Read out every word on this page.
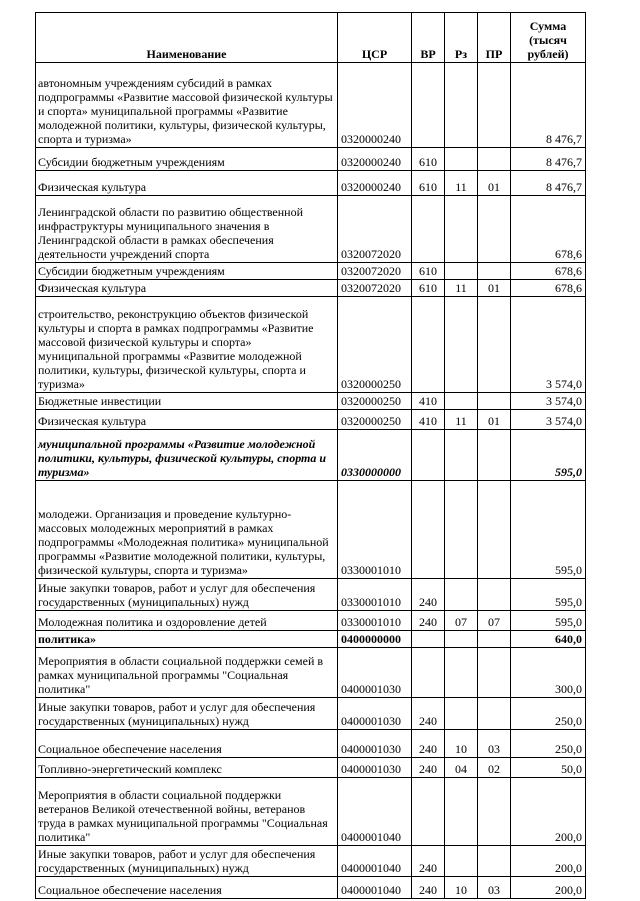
Наименование	ЦСР	ВР	Рз	ПР	Сумма
(тысяч
рублей)

автономным учреждениям субсидий в рамках подпрограммы «Развитие массовой физической культуры и спорта» муниципальной программы «Развитие молодежной политики, культуры, физической культуры, спорта и туризма»	0320000240				8 476,7
Субсидии бюджетным учреждениям	0320000240	610			8 476,7
Физическая культура	0320000240	610	11	01	8 476,7
Ленинградской области по развитию общественной инфраструктуры муниципального значения в Ленинградской области в рамках обеспечения деятельности учреждений спорта	0320072020				678,6
Субсидии бюджетным учреждениям	0320072020	610			678,6
Физическая культура	0320072020	610	11	01	678,6
строительство, реконструкцию объектов физической культуры и спорта в рамках подпрограммы «Развитие массовой физической культуры и спорта» муниципальной программы «Развитие молодежной политики, культуры, физической культуры, спорта и туризма»	0320000250				3 574,0
Бюджетные инвестиции	0320000250	410			3 574,0
Физическая культура	0320000250	410	11	01	3 574,0
муниципальной программы «Развитие молодежной политики, культуры, физической культуры, спорта и туризма»	0330000000				595,0
молодежи. Организация и проведение культурно-массовых молодежных мероприятий в рамках подпрограммы «Молодежная политика» муниципальной программы «Развитие молодежной политики, культуры, физической культуры, спорта и туризма»	0330001010				595,0
Иные закупки товаров, работ и услуг для обеспечения государственных (муниципальных) нужд	0330001010	240			595,0
Молодежная политика и оздоровление детей	0330001010	240	07	07	595,0
политика»	0400000000				640,0
Мероприятия в области социальной поддержки семей в рамках муниципальной программы "Социальная политика"	0400001030				300,0
Иные закупки товаров, работ и услуг для обеспечения государственных (муниципальных) нужд	0400001030	240			250,0
Социальное обеспечение населения	0400001030	240	10	03	250,0
Топливно-энергетический комплекс	0400001030	240	04	02	50,0
Мероприятия в области социальной поддержки ветеранов Великой отечественной войны, ветеранов труда в рамках муниципальной программы "Социальная политика"	0400001040				200,0
Иные закупки товаров, работ и услуг для обеспечения государственных (муниципальных) нужд	0400001040	240			200,0
Социальное обеспечение населения	0400001040	240	10	03	200,0
